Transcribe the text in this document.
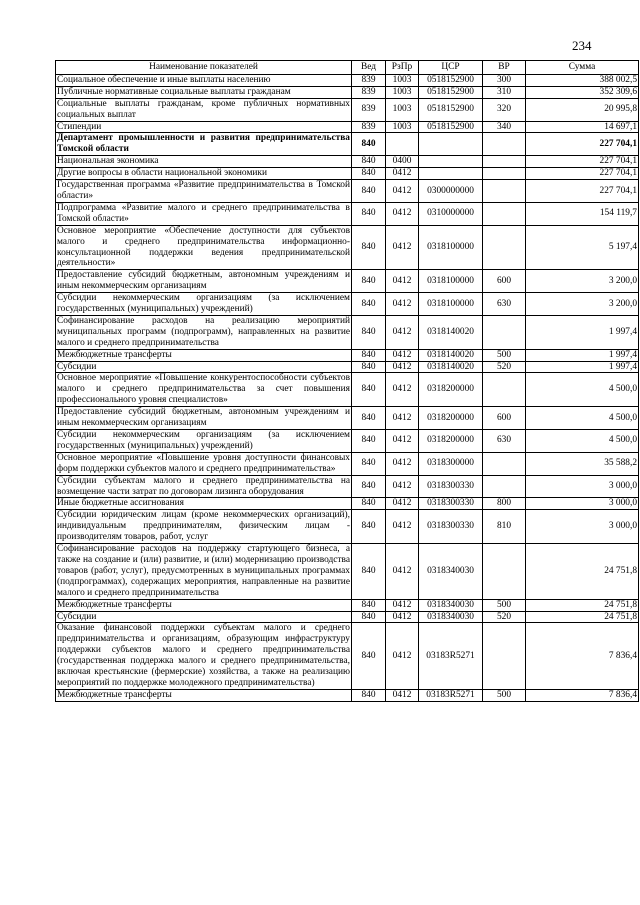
234
Наименование показателей	Вед	РзПр	ЦСР	ВР	Сумма
Социальное обеспечение и иные выплаты населению	839	1003	0518152900	300	388 002,5
Публичные нормативные социальные выплаты гражданам	839	1003	0518152900	310	352 309,6
Социальные выплаты гражданам, кроме публичных нормативных социальных выплат	839	1003	0518152900	320	20 995,8
Стипендии	839	1003	0518152900	340	14 697,1
Департамент промышленности и развития предпринимательства Томской области	840				227 704,1
Национальная экономика	840	0400			227 704,1
Другие вопросы в области национальной экономики	840	0412			227 704,1
Государственная программа «Развитие предпринимательства в Томской области»	840	0412	0300000000		227 704,1
Подпрограмма «Развитие малого и среднего предпринимательства в Томской области»	840	0412	0310000000		154 119,7
Основное мероприятие «Обеспечение доступности для субъектов малого и среднего предпринимательства информационно-консультационной поддержки ведения предпринимательской деятельности»	840	0412	0318100000		5 197,4
Предоставление субсидий бюджетным, автономным учреждениям и иным некоммерческим организациям	840	0412	0318100000	600	3 200,0
Субсидии некоммерческим организациям (за исключением государственных (муниципальных) учреждений)	840	0412	0318100000	630	3 200,0
Софинансирование расходов на реализацию мероприятий муниципальных программ (подпрограмм), направленных на развитие малого и среднего предпринимательства	840	0412	0318140020		1 997,4
Межбюджетные трансферты	840	0412	0318140020	500	1 997,4
Субсидии	840	0412	0318140020	520	1 997,4
Основное мероприятие «Повышение конкурентоспособности субъектов малого и среднего предпринимательства за счет повышения профессионального уровня специалистов»	840	0412	0318200000		4 500,0
Предоставление субсидий бюджетным, автономным учреждениям и иным некоммерческим организациям	840	0412	0318200000	600	4 500,0
Субсидии некоммерческим организациям (за исключением государственных (муниципальных) учреждений)	840	0412	0318200000	630	4 500,0
Основное мероприятие «Повышение уровня доступности финансовых форм поддержки субъектов малого и среднего предпринимательства»	840	0412	0318300000		35 588,2
Субсидии субъектам малого и среднего предпринимательства на возмещение части затрат по договорам лизинга оборудования	840	0412	0318300330		3 000,0
Иные бюджетные ассигнования	840	0412	0318300330	800	3 000,0
Субсидии юридическим лицам (кроме некоммерческих организаций), индивидуальным предпринимателям, физическим лицам - производителям товаров, работ, услуг	840	0412	0318300330	810	3 000,0
Софинансирование расходов на поддержку стартующего бизнеса, а также на создание и (или) развитие, и (или) модернизацию производства товаров (работ, услуг), предусмотренных в муниципальных программах (подпрограммах), содержащих мероприятия, направленные на развитие малого и среднего предпринимательства	840	0412	0318340030		24 751,8
Межбюджетные трансферты	840	0412	0318340030	500	24 751,8
Субсидии	840	0412	0318340030	520	24 751,8
Оказание финансовой поддержки субъектам малого и среднего предпринимательства и организациям, образующим инфраструктуру поддержки субъектов малого и среднего предпринимательства (государственная поддержка малого и среднего предпринимательства, включая крестьянские (фермерские) хозяйства, а также на реализацию мероприятий по поддержке молодежного предпринимательства)	840	0412	03183R5271		7 836,4
Межбюджетные трансферты	840	0412	03183R5271	500	7 836,4
